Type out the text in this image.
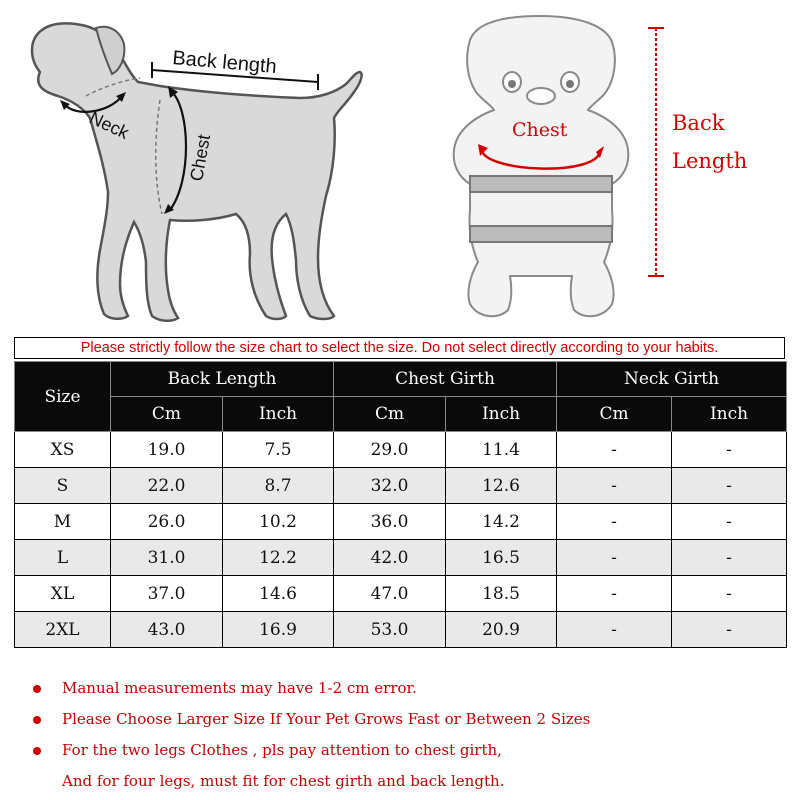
Back length
Neck
Chest
Chest	Back
Length
Please strictly follow the size chart to select the size. Do not select directly according to your habits.
Size	Back Length		Chest Girth		Neck Girth	
	Cm	Inch	Cm	Inch	Cm	Inch
XS	19.0	7.5	29.0	11.4	-	-
S	22.0	8.7	32.0	12.6	-	-
M	26.0	10.2	36.0	14.2	-	-
L	31.0	12.2	42.0	16.5	-	-
XL	37.0	14.6	47.0	18.5	-	-
2XL	43.0	16.9	53.0	20.9	-	-
Manual measurements may have 1-2 cm error.
Please Choose Larger Size If Your Pet Grows Fast or Between 2 Sizes
For the two legs Clothes , pls pay attention to chest girth,
And for four legs, must fit for chest girth and back length.
